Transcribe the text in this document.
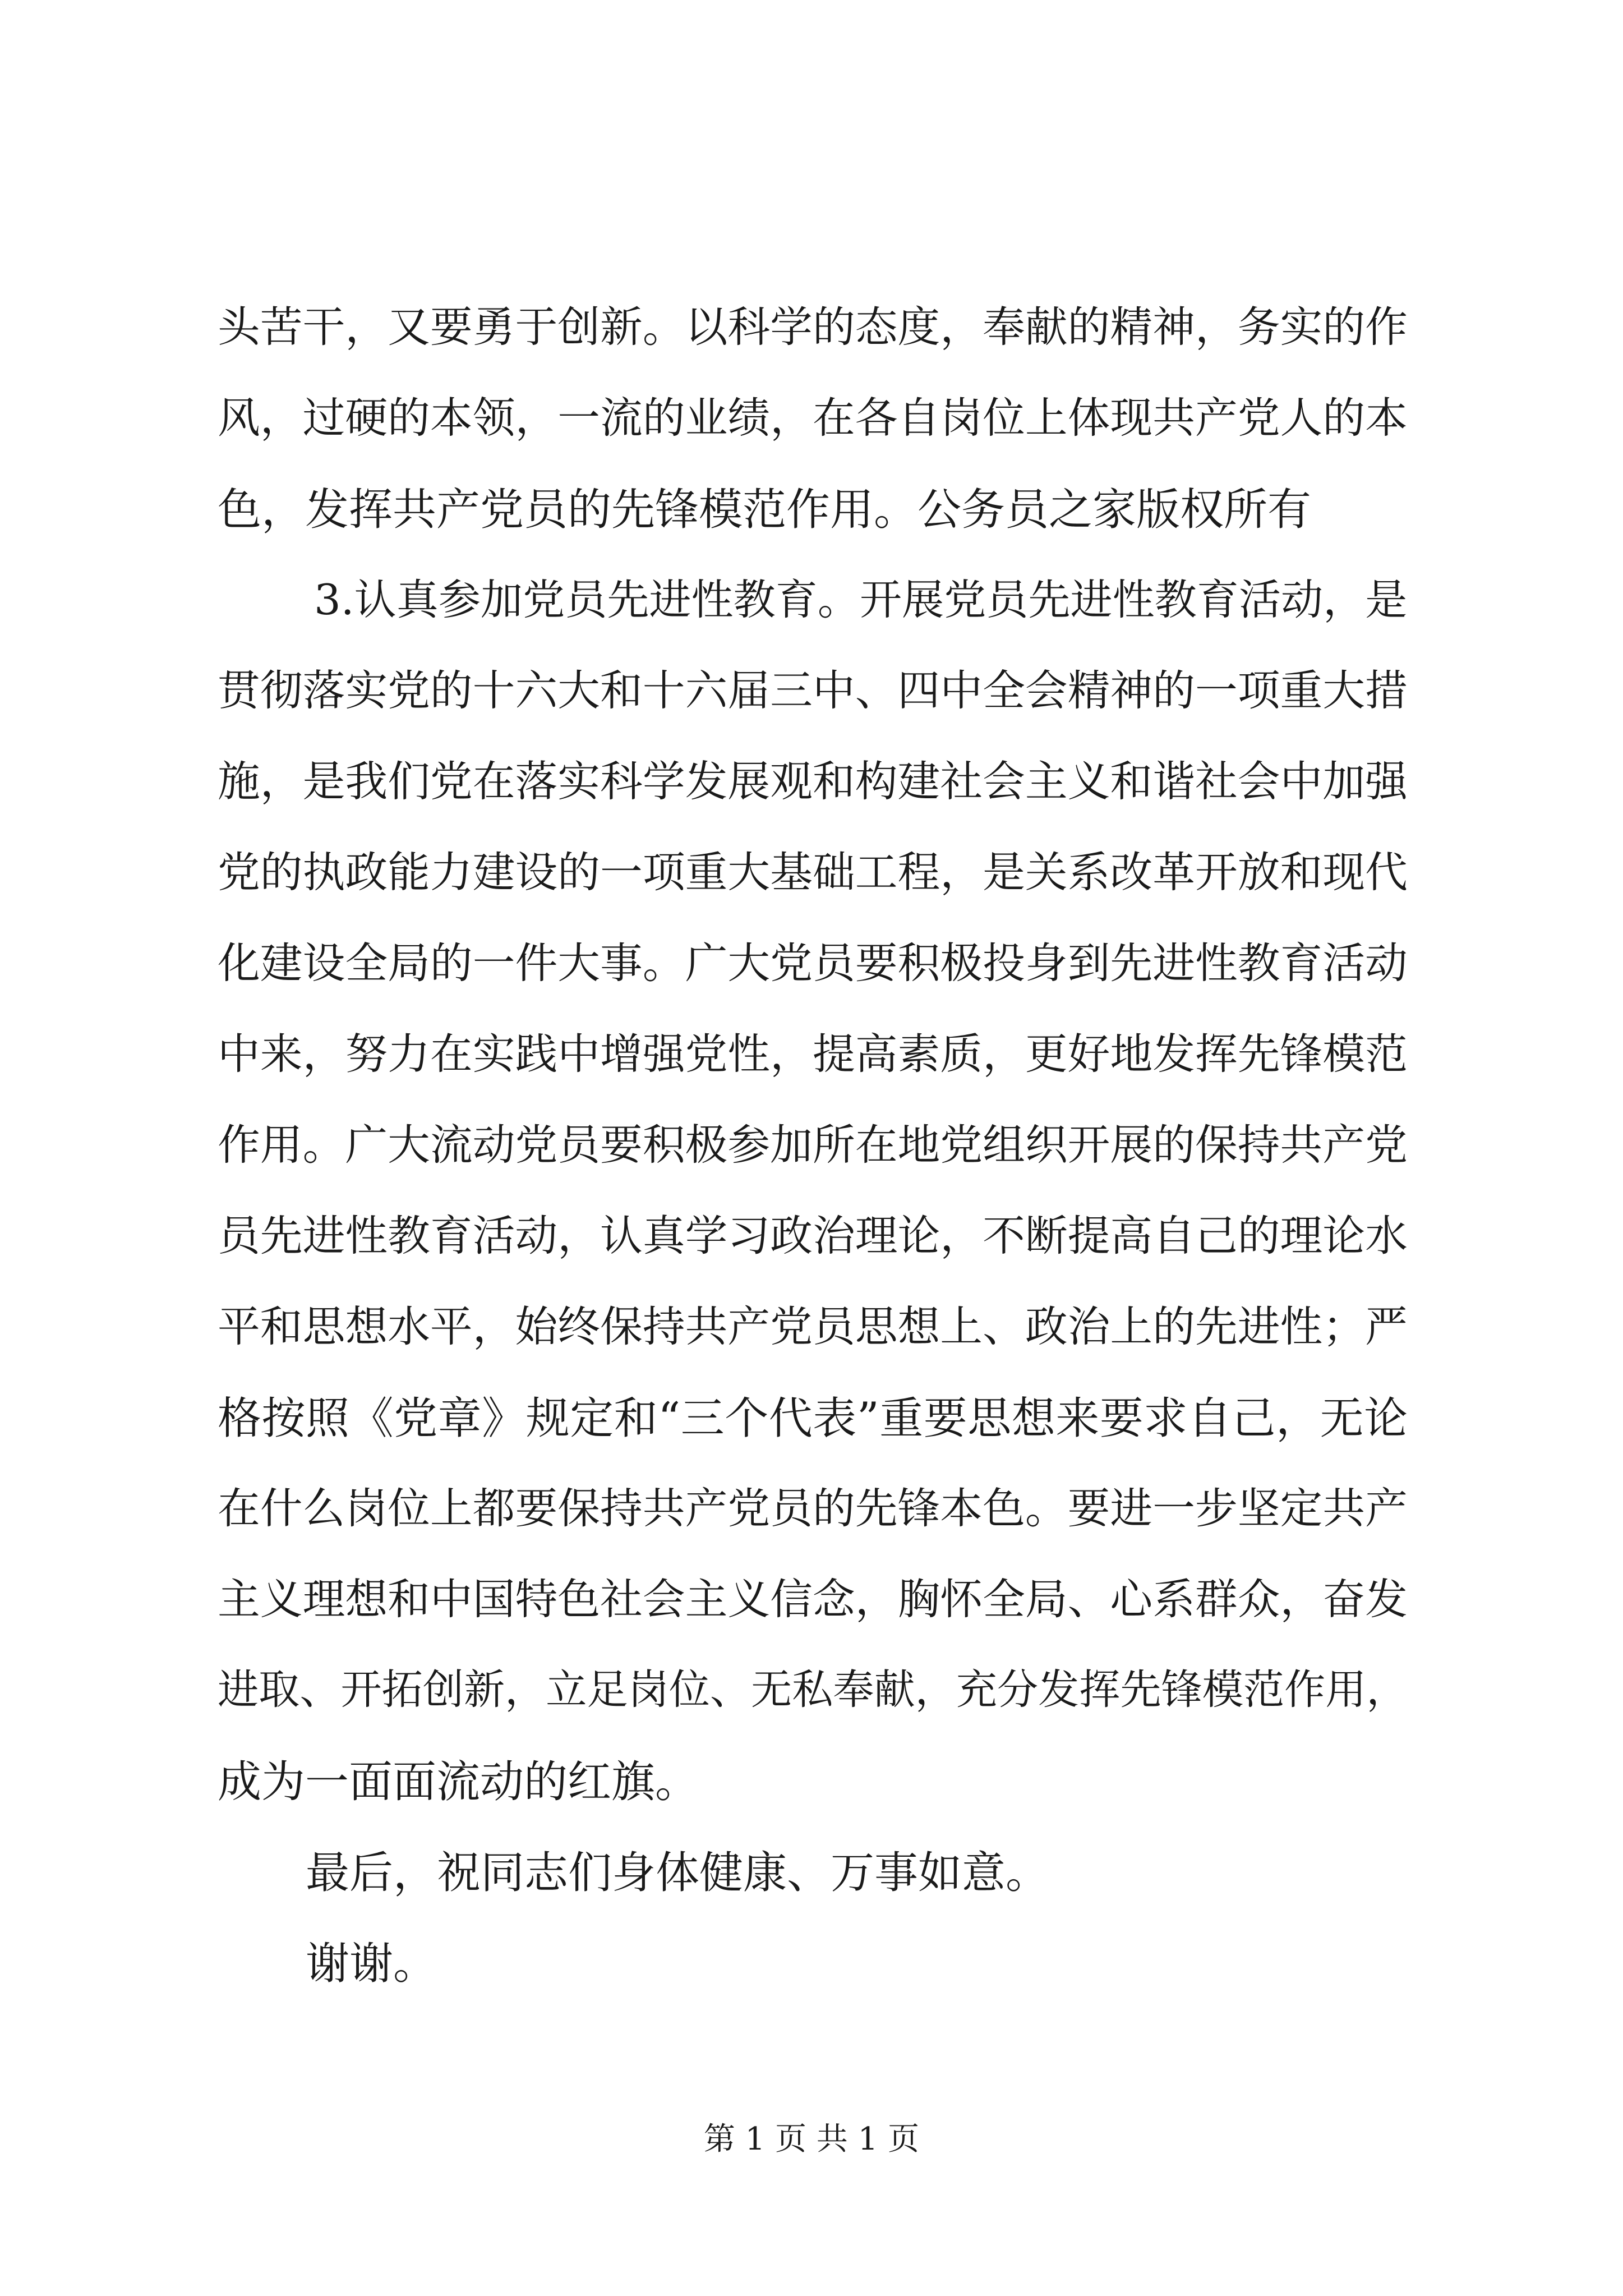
头苦干，又要勇于创新。以科学的态度，奉献的精神，务实的作
风，过硬的本领，一流的业绩，在各自岗位上体现共产党人的本
色，发挥共产党员的先锋模范作用。公务员之家版权所有
3.认真参加党员先进性教育。开展党员先进性教育活动，是
贯彻落实党的十六大和十六届三中、四中全会精神的一项重大措
施，是我们党在落实科学发展观和构建社会主义和谐社会中加强
党的执政能力建设的一项重大基础工程，是关系改革开放和现代
化建设全局的一件大事。广大党员要积极投身到先进性教育活动
中来，努力在实践中增强党性，提高素质，更好地发挥先锋模范
作用。广大流动党员要积极参加所在地党组织开展的保持共产党
员先进性教育活动，认真学习政治理论，不断提高自己的理论水
平和思想水平，始终保持共产党员思想上、政治上的先进性；严
格按照《党章》规定和“三个代表”重要思想来要求自己，无论
在什么岗位上都要保持共产党员的先锋本色。要进一步坚定共产
主义理想和中国特色社会主义信念，胸怀全局、心系群众，奋发
进取、开拓创新，立足岗位、无私奉献，充分发挥先锋模范作用，
成为一面面流动的红旗。
最后，祝同志们身体健康、万事如意。
谢谢。
第 1 页 共 1 页
